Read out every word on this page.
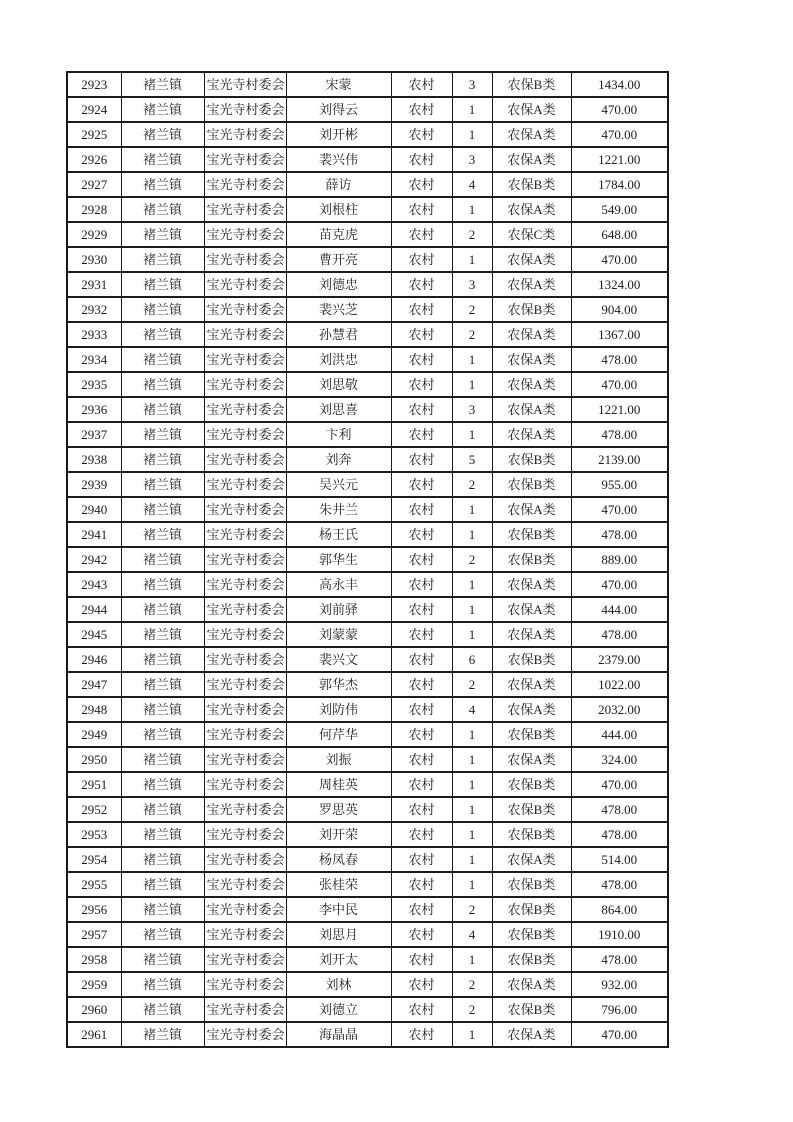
2923	褚兰镇	宝光寺村委会	宋蒙	农村	3	农保B类	1434.00
2924	褚兰镇	宝光寺村委会	刘得云	农村	1	农保A类	470.00
2925	褚兰镇	宝光寺村委会	刘开彬	农村	1	农保A类	470.00
2926	褚兰镇	宝光寺村委会	裴兴伟	农村	3	农保A类	1221.00
2927	褚兰镇	宝光寺村委会	薛访	农村	4	农保B类	1784.00
2928	褚兰镇	宝光寺村委会	刘根柱	农村	1	农保A类	549.00
2929	褚兰镇	宝光寺村委会	苗克虎	农村	2	农保C类	648.00
2930	褚兰镇	宝光寺村委会	曹开亮	农村	1	农保A类	470.00
2931	褚兰镇	宝光寺村委会	刘德忠	农村	3	农保A类	1324.00
2932	褚兰镇	宝光寺村委会	裴兴芝	农村	2	农保B类	904.00
2933	褚兰镇	宝光寺村委会	孙慧君	农村	2	农保A类	1367.00
2934	褚兰镇	宝光寺村委会	刘洪忠	农村	1	农保A类	478.00
2935	褚兰镇	宝光寺村委会	刘思敬	农村	1	农保A类	470.00
2936	褚兰镇	宝光寺村委会	刘思喜	农村	3	农保A类	1221.00
2937	褚兰镇	宝光寺村委会	卞利	农村	1	农保A类	478.00
2938	褚兰镇	宝光寺村委会	刘奔	农村	5	农保B类	2139.00
2939	褚兰镇	宝光寺村委会	吴兴元	农村	2	农保B类	955.00
2940	褚兰镇	宝光寺村委会	朱井兰	农村	1	农保A类	470.00
2941	褚兰镇	宝光寺村委会	杨王氏	农村	1	农保B类	478.00
2942	褚兰镇	宝光寺村委会	郭华生	农村	2	农保B类	889.00
2943	褚兰镇	宝光寺村委会	高永丰	农村	1	农保A类	470.00
2944	褚兰镇	宝光寺村委会	刘前驿	农村	1	农保A类	444.00
2945	褚兰镇	宝光寺村委会	刘蒙蒙	农村	1	农保A类	478.00
2946	褚兰镇	宝光寺村委会	裴兴文	农村	6	农保B类	2379.00
2947	褚兰镇	宝光寺村委会	郭华杰	农村	2	农保A类	1022.00
2948	褚兰镇	宝光寺村委会	刘防伟	农村	4	农保A类	2032.00
2949	褚兰镇	宝光寺村委会	何芹华	农村	1	农保B类	444.00
2950	褚兰镇	宝光寺村委会	刘振	农村	1	农保A类	324.00
2951	褚兰镇	宝光寺村委会	周桂英	农村	1	农保B类	470.00
2952	褚兰镇	宝光寺村委会	罗思英	农村	1	农保B类	478.00
2953	褚兰镇	宝光寺村委会	刘开荣	农村	1	农保B类	478.00
2954	褚兰镇	宝光寺村委会	杨凤春	农村	1	农保A类	514.00
2955	褚兰镇	宝光寺村委会	张桂荣	农村	1	农保B类	478.00
2956	褚兰镇	宝光寺村委会	李中民	农村	2	农保B类	864.00
2957	褚兰镇	宝光寺村委会	刘思月	农村	4	农保B类	1910.00
2958	褚兰镇	宝光寺村委会	刘开太	农村	1	农保B类	478.00
2959	褚兰镇	宝光寺村委会	刘林	农村	2	农保A类	932.00
2960	褚兰镇	宝光寺村委会	刘德立	农村	2	农保B类	796.00
2961	褚兰镇	宝光寺村委会	海晶晶	农村	1	农保A类	470.00
